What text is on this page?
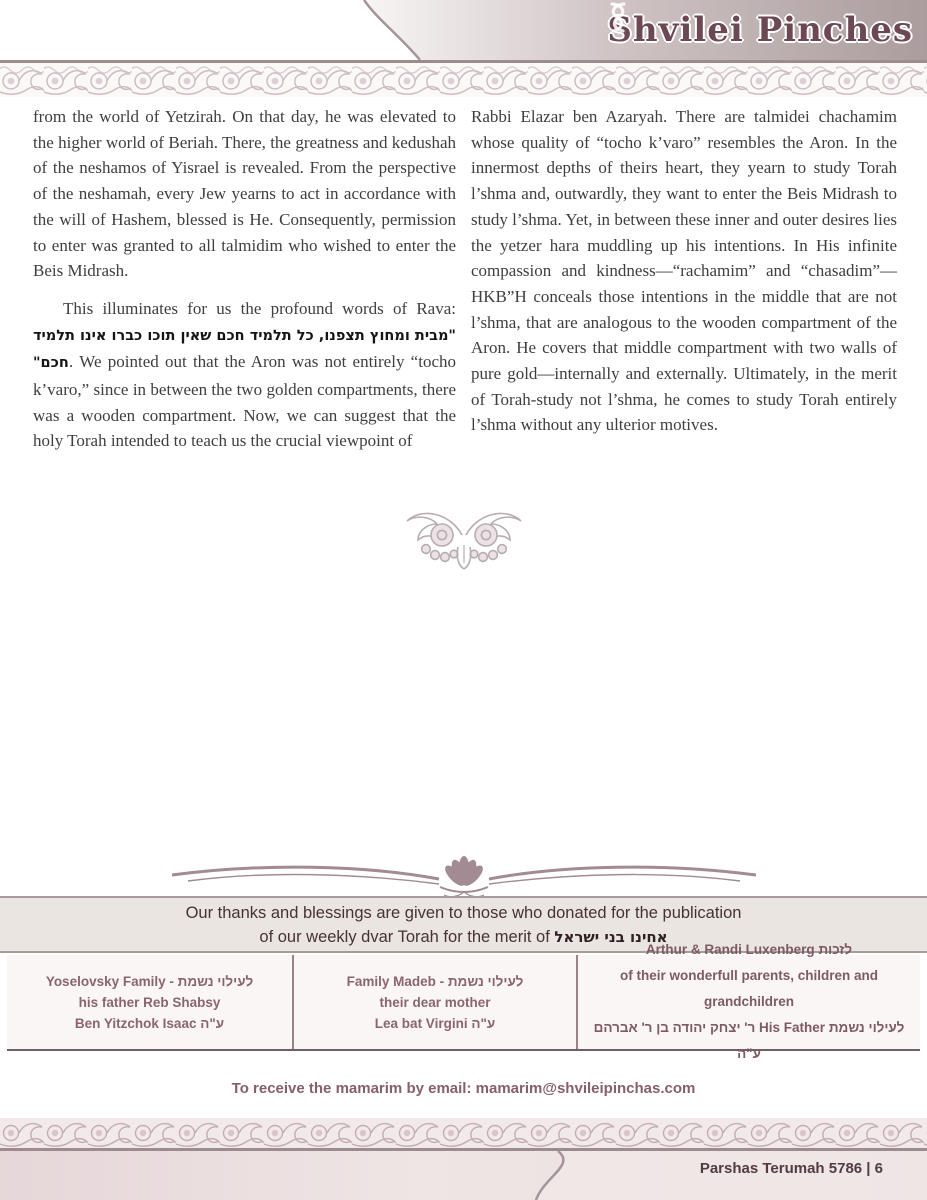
Shvilei Pinches

from the world of Yetzirah. On that day, he was elevated to the higher world of Beriah. There, the greatness and kedushah of the neshamos of Yisrael is revealed. From the perspective of the neshamah, every Jew yearns to act in accordance with the will of Hashem, blessed is He. Consequently, permission to enter was granted to all talmidim who wished to enter the Beis Midrash.

This illuminates for us the profound words of Rava: "מבית ומחוץ תצפנו, כל תלמיד חכם שאין תוכו כברו אינו תלמיד חכם". We pointed out that the Aron was not entirely “tocho k’varo,” since in between the two golden compartments, there was a wooden compartment. Now, we can suggest that the holy Torah intended to teach us the crucial viewpoint of

Rabbi Elazar ben Azaryah. There are talmidei chachamim whose quality of “tocho k’varo” resembles the Aron. In the innermost depths of theirs heart, they yearn to study Torah l’shma and, outwardly, they want to enter the Beis Midrash to study l’shma. Yet, in between these inner and outer desires lies the yetzer hara muddling up his intentions. In His infinite compassion and kindness—“rachamim” and “chasadim”—HKB”H conceals those intentions in the middle that are not l’shma, that are analogous to the wooden compartment of the Aron. He covers that middle compartment with two walls of pure gold—internally and externally. Ultimately, in the merit of Torah-study not l’shma, he comes to study Torah entirely l’shma without any ulterior motives.

Our thanks and blessings are given to those who donated for the publication
of our weekly dvar Torah for the merit of אחינו בני ישראל
Yoselovsky Family - לעילוי נשמת
his father Reb Shabsy
Ben Yitzchok Isaac ע"ה
Family Madeb - לעילוי נשמת
their dear mother
Lea bat Virgini ע"ה
Arthur & Randi Luxenberg לזכות
of their wonderfull parents, children and grandchildren
לעילוי נשמת His Father ר' יצחק יהודה בן ר' אברהם ע"ה
To receive the mamarim by email: mamarim@shvileipinchas.com
Parshas Terumah 5786 | 6
